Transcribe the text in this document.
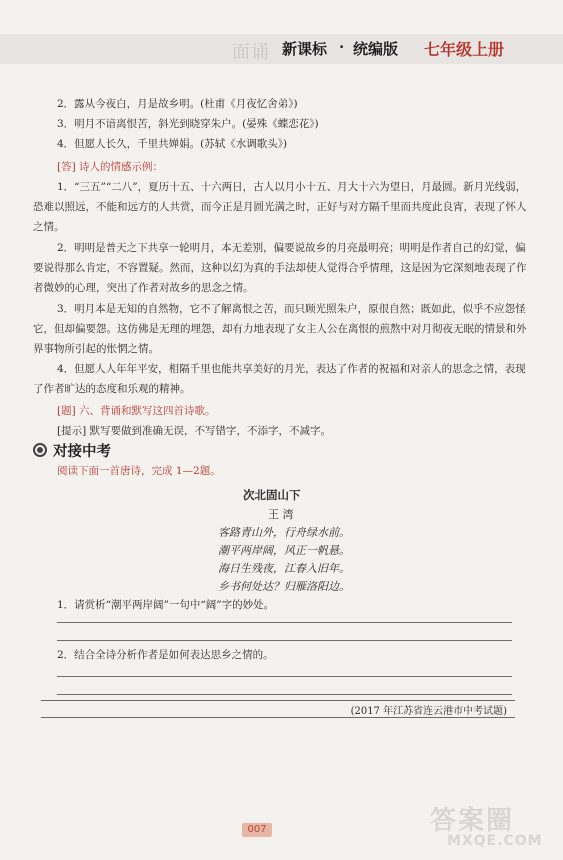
面诵 新课标 · 统编版 七年级上册
2．露从今夜白，月是故乡明。(杜甫《月夜忆舍弟》)
3．明月不谙离恨苦，斜光到晓穿朱户。(晏殊《蝶恋花》)
4．但愿人长久，千里共婵娟。(苏轼《水调歌头》)
[答] 诗人的情感示例：
1．“三五”“二八”，夏历十五、十六两日，古人以月小十五、月大十六为望日，月最圆。新月光线弱，
恐难以照远，不能和远方的人共赏，而今正是月圆光满之时，正好与对方隔千里而共度此良宵，表现了怀人
之情。
2．明明是普天之下共享一轮明月，本无差别，偏要说故乡的月亮最明亮；明明是作者自己的幻觉，偏
要说得那么肯定，不容置疑。然而，这种以幻为真的手法却使人觉得合乎情理，这是因为它深刻地表现了作
者微妙的心理，突出了作者对故乡的思念之情。
3．明月本是无知的自然物，它不了解离恨之苦，而只顾光照朱户，原很自然；既如此，似乎不应怨怪
它，但却偏要怨。这仿佛是无理的埋怨，却有力地表现了女主人公在离恨的煎熬中对月彻夜无眠的情景和外
界事物所引起的怅惘之情。
4．但愿人人年年平安，相隔千里也能共享美好的月光，表达了作者的祝福和对亲人的思念之情，表现
了作者旷达的态度和乐观的精神。
[题] 六、背诵和默写这四首诗歌。
[提示] 默写要做到准确无误，不写错字，不添字，不减字。
对接中考
阅读下面一首唐诗，完成 1—2题。
次北固山下
王 湾
客路青山外，行舟绿水前。
潮平两岸阔，风正一帆悬。
海日生残夜，江春入旧年。
乡书何处达？归雁洛阳边。
1．请赏析“潮平两岸阔”一句中“阔”字的妙处。
2．结合全诗分析作者是如何表达思乡之情的。
(2017 年江苏省连云港市中考试题)
答案圈
MXQE.COM
007
